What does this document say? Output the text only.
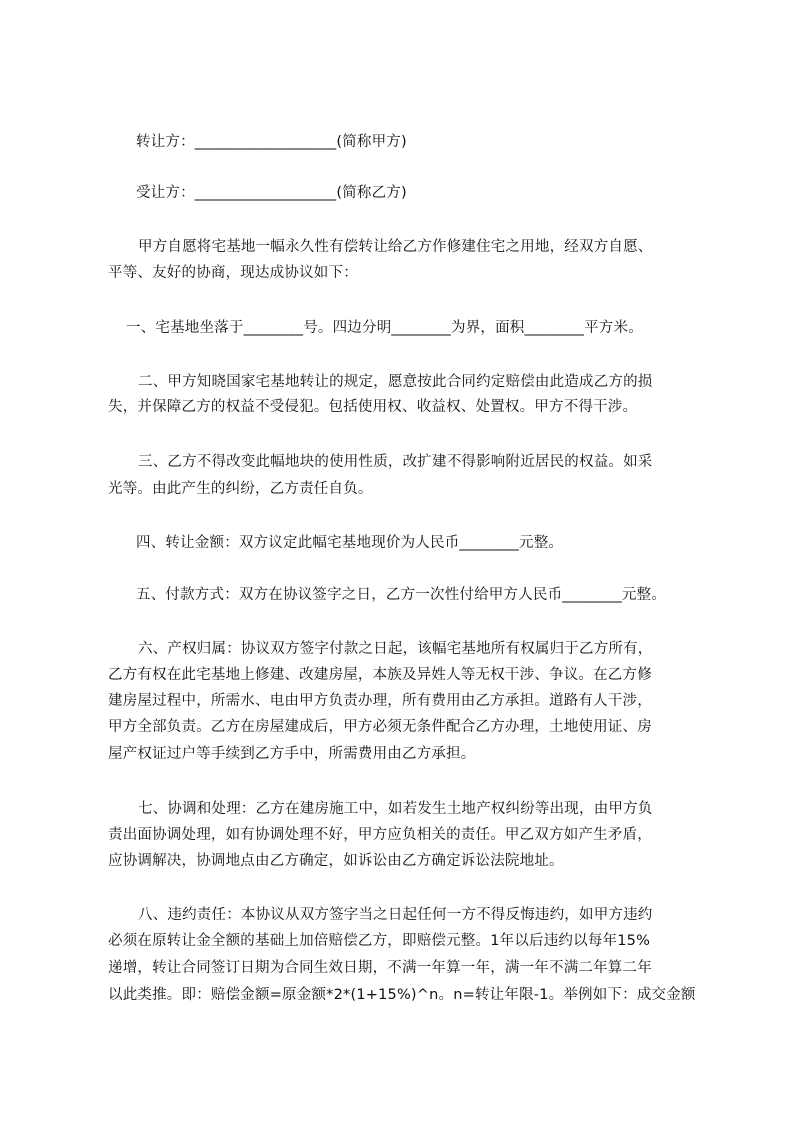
转让方：___________________(简称甲方)
受让方：___________________(简称乙方)
甲方自愿将宅基地一幅永久性有偿转让给乙方作修建住宅之用地，经双方自愿、
平等、友好的协商，现达成协议如下：
一、宅基地坐落于________号。四边分明________为界，面积________平方米。
二、甲方知晓国家宅基地转让的规定，愿意按此合同约定赔偿由此造成乙方的损
失，并保障乙方的权益不受侵犯。包括使用权、收益权、处置权。甲方不得干涉。
三、乙方不得改变此幅地块的使用性质，改扩建不得影响附近居民的权益。如采
光等。由此产生的纠纷，乙方责任自负。
四、转让金额：双方议定此幅宅基地现价为人民币________元整。
五、付款方式：双方在协议签字之日，乙方一次性付给甲方人民币________元整。
六、产权归属：协议双方签字付款之日起，该幅宅基地所有权属归于乙方所有，
乙方有权在此宅基地上修建、改建房屋，本族及异姓人等无权干涉、争议。在乙方修
建房屋过程中，所需水、电由甲方负责办理，所有费用由乙方承担。道路有人干涉，
甲方全部负责。乙方在房屋建成后，甲方必须无条件配合乙方办理，土地使用证、房
屋产权证过户等手续到乙方手中，所需费用由乙方承担。
七、协调和处理：乙方在建房施工中，如若发生土地产权纠纷等出现，由甲方负
责出面协调处理，如有协调处理不好，甲方应负相关的责任。甲乙双方如产生矛盾，
应协调解决，协调地点由乙方确定，如诉讼由乙方确定诉讼法院地址。
八、违约责任：本协议从双方签字当之日起任何一方不得反悔违约，如甲方违约
必须在原转让金全额的基础上加倍赔偿乙方，即赔偿元整。1年以后违约以每年15%
递增，转让合同签订日期为合同生效日期，不满一年算一年，满一年不满二年算二年
以此类推。即：赔偿金额=原金额*2*(1+15%)^n。n=转让年限-1。举例如下：成交金额
